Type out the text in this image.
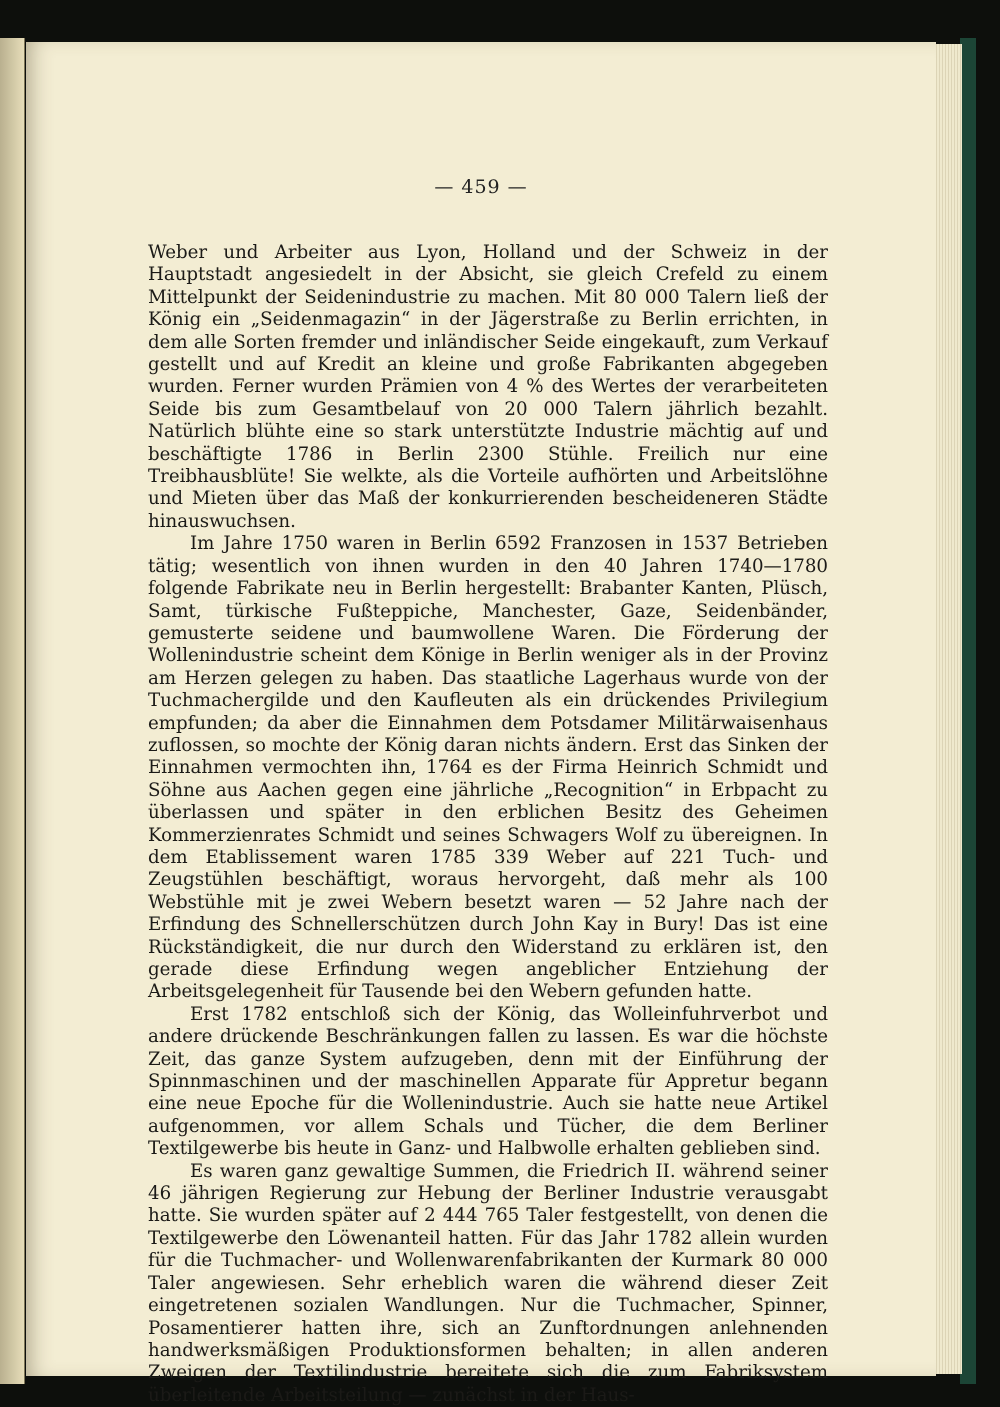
— 459 —

Weber und Arbeiter aus Lyon, Holland und der Schweiz in der Hauptstadt angesiedelt in der Absicht, sie gleich Crefeld zu einem Mittelpunkt der Seidenindustrie zu machen. Mit 80 000 Talern ließ der König ein „Seidenmagazin“ in der Jägerstraße zu Berlin errichten, in dem alle Sorten fremder und inländischer Seide eingekauft, zum Verkauf gestellt und auf Kredit an kleine und große Fabrikanten abgegeben wurden. Ferner wurden Prämien von 4 % des Wertes der verarbeiteten Seide bis zum Gesamtbelauf von 20 000 Talern jährlich bezahlt. Natürlich blühte eine so stark unterstützte Industrie mächtig auf und beschäftigte 1786 in Berlin 2300 Stühle. Freilich nur eine Treibhausblüte! Sie welkte, als die Vorteile aufhörten und Arbeitslöhne und Mieten über das Maß der konkurrierenden bescheideneren Städte hinauswuchsen.

Im Jahre 1750 waren in Berlin 6592 Franzosen in 1537 Betrieben tätig; wesentlich von ihnen wurden in den 40 Jahren 1740—1780 folgende Fabrikate neu in Berlin hergestellt: Brabanter Kanten, Plüsch, Samt, türkische Fußteppiche, Manchester, Gaze, Seidenbänder, gemusterte seidene und baumwollene Waren. Die Förderung der Wollenindustrie scheint dem Könige in Berlin weniger als in der Provinz am Herzen gelegen zu haben. Das staatliche Lagerhaus wurde von der Tuchmachergilde und den Kaufleuten als ein drückendes Privilegium empfunden; da aber die Einnahmen dem Potsdamer Militärwaisenhaus zuflossen, so mochte der König daran nichts ändern. Erst das Sinken der Einnahmen vermochten ihn, 1764 es der Firma Heinrich Schmidt und Söhne aus Aachen gegen eine jährliche „Recognition“ in Erbpacht zu überlassen und später in den erblichen Besitz des Geheimen Kommerzienrates Schmidt und seines Schwagers Wolf zu übereignen. In dem Etablissement waren 1785 339 Weber auf 221 Tuch- und Zeugstühlen beschäftigt, woraus hervorgeht, daß mehr als 100 Webstühle mit je zwei Webern besetzt waren — 52 Jahre nach der Erfindung des Schnellerschützen durch John Kay in Bury! Das ist eine Rückständigkeit, die nur durch den Widerstand zu erklären ist, den gerade diese Erfindung wegen angeblicher Entziehung der Arbeitsgelegenheit für Tausende bei den Webern gefunden hatte.

Erst 1782 entschloß sich der König, das Wolleinfuhrverbot und andere drückende Beschränkungen fallen zu lassen. Es war die höchste Zeit, das ganze System aufzugeben, denn mit der Einführung der Spinnmaschinen und der maschinellen Apparate für Appretur begann eine neue Epoche für die Wollenindustrie. Auch sie hatte neue Artikel aufgenommen, vor allem Schals und Tücher, die dem Berliner Textilgewerbe bis heute in Ganz- und Halbwolle erhalten geblieben sind.

Es waren ganz gewaltige Summen, die Friedrich II. während seiner 46 jährigen Regierung zur Hebung der Berliner Industrie verausgabt hatte. Sie wurden später auf 2 444 765 Taler festgestellt, von denen die Textilgewerbe den Löwenanteil hatten. Für das Jahr 1782 allein wurden für die Tuchmacher- und Wollenwarenfabrikanten der Kurmark 80 000 Taler angewiesen. Sehr erheblich waren die während dieser Zeit eingetretenen sozialen Wandlungen. Nur die Tuchmacher, Spinner, Posamentierer hatten ihre, sich an Zunftordnungen anlehnenden handwerksmäßigen Produktionsformen behalten; in allen anderen Zweigen der Textilindustrie bereitete sich die zum Fabriksystem überleitende Arbeitsteilung — zunächst in der Haus-
